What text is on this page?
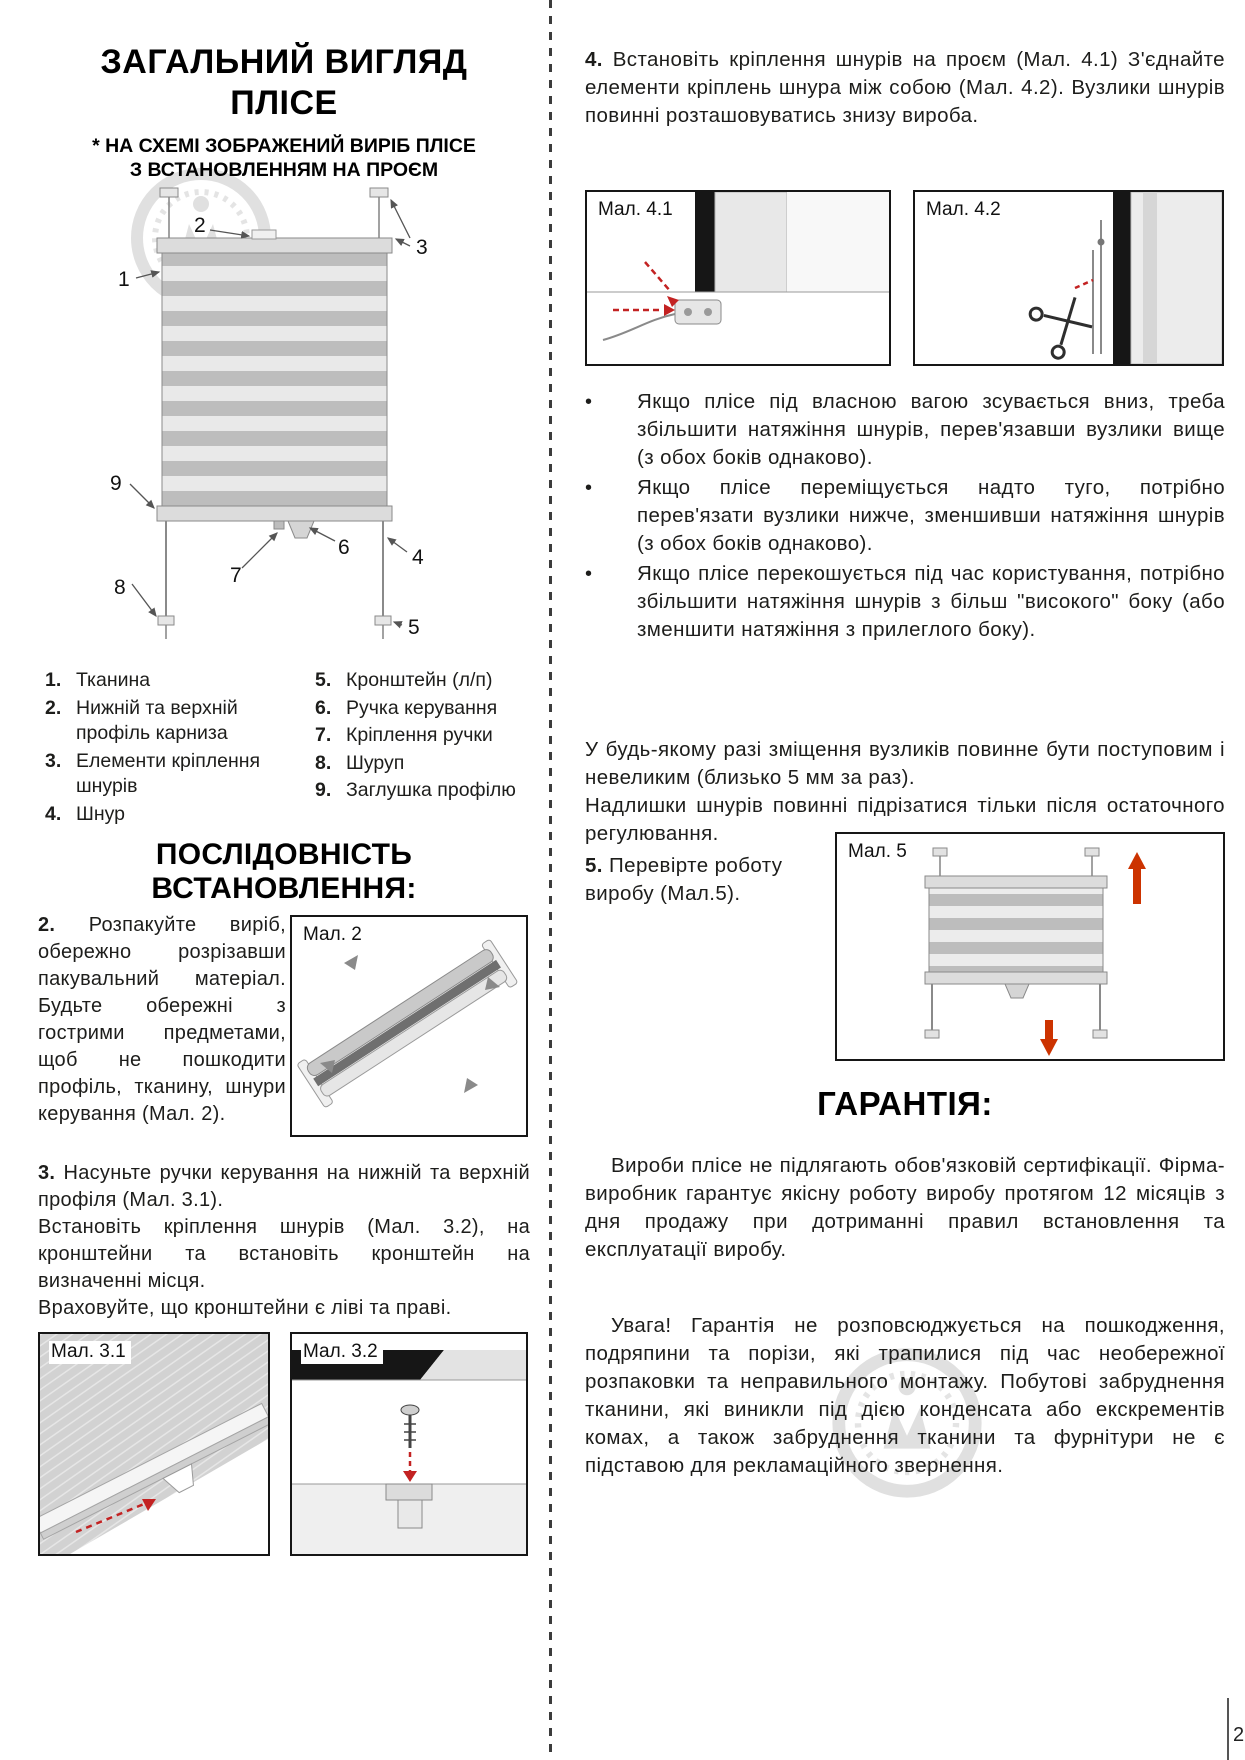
ЗАГАЛЬНИЙ ВИГЛЯД
ПЛІСЕ
* НА СХЕМІ ЗОБРАЖЕНИЙ ВИРІБ ПЛІСЕ
З ВСТАНОВЛЕННЯМ НА ПРОЄМ
1
2
3
4
5
6
7
8
9
1. Тканина
2. Нижній та верхній профіль карниза
3. Елементи кріплення шнурів
4. Шнур
5. Кронштейн (л/п)
6. Ручка керування
7. Кріплення ручки
8. Шуруп
9. Заглушка профілю
ПОСЛІДОВНІСТЬ ВСТАНОВЛЕННЯ:
2. Розпакуйте виріб, обережно розрізавши пакувальний матеріал. Будьте обережні з гострими предметами, щоб не пошкодити профіль, тканину, шнури керування (Мал. 2).
Мал. 2

3. Насуньте ручки керування на нижній та верхній профіля (Мал. 3.1).

Встановіть кріплення шнурів (Мал. 3.2), на кронштейни та встановіть кронштейн на визначенні місця.

Враховуйте, що кронштейни є ліві та праві.

Мал. 3.1	Мал. 3.2
4. Встановіть кріплення шнурів на проєм (Мал. 4.1) З'єднайте елементи кріплень шнура між собою (Мал. 4.2). Вузлики шнурів повинні розташовуватись знизу вироба.
Мал. 4.1	Мал. 4.2
•	Якщо плісе під власною вагою зсувається вниз, треба збільшити натяжіння шнурів, перев'язавши вузлики вище (з обох боків однаково).

•	Якщо плісе переміщується надто туго, потрібно перев'язати вузлики нижче, зменшивши натяжіння шнурів (з обох боків однаково).

•	Якщо плісе перекошується під час користування, потрібно збільшити натяжіння шнурів з більш "високого" боку (або зменшити натяжіння з прилеглого боку).

У будь-якому разі зміщення вузликів повинне бути поступовим і невеликим (близько 5 мм за раз).

Надлишки шнурів повинні підрізатися тільки після остаточного регулювання.

5. Перевірте роботу виробу (Мал.5).
Мал. 5
ГАРАНТІЯ:
Вироби плісе не підлягають обов'язковій сертифікації. Фірма-виробник гарантує якісну роботу виробу протягом 12 місяців з дня продажу при дотриманні правил встановлення та експлуатації виробу.
Увага! Гарантія не розповсюджується на пошкодження, подряпини та порізи, які трапилися під час необережної розпаковки та неправильного монтажу. Побутові забруднення тканини, які виникли під дією конденсата або екскрементів комах, а також забруднення тканини та фурнітури не є підставою для рекламаційного звернення.
2
